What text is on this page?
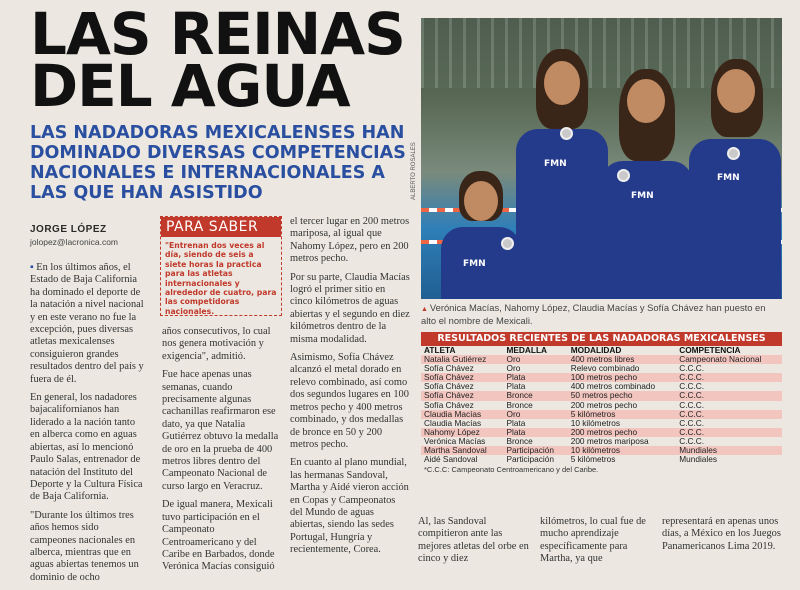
LAS REINAS
DEL AGUA
LAS NADADORAS MEXICALENSES HAN DOMINADO DIVERSAS COMPETENCIAS NACIONALES E INTERNACIONALES A LAS QUE HAN ASISTIDO
JORGE LÓPEZ
jolopez@lacronica.com

▪ En los últimos años, el Estado de Baja California ha dominado el deporte de la natación a nivel nacional y en este verano no fue la excepción, pues diversas atletas mexicalenses consiguieron grandes resultados dentro del país y fuera de él.

En general, los nadadores bajacalifornianos han liderado a la nación tanto en alberca como en aguas abiertas, así lo mencionó Paulo Salas, entrenador de natación del Instituto del Deporte y la Cultura Física de Baja California.

"Durante los últimos tres años hemos sido campeones nacionales en alberca, mientras que en aguas abiertas tenemos un dominio de ocho

PARA SABER
"Entrenan dos veces al día, siendo de seis a siete horas la practica para las atletas internacionales y alrededor de cuatro, para las competidoras nacionales.

años consecutivos, lo cual nos genera motivación y exigencia", admitió.

Fue hace apenas unas semanas, cuando precisamente algunas cachanillas reafirmaron ese dato, ya que Natalia Gutiérrez obtuvo la medalla de oro en la prueba de 400 metros libres dentro del Campeonato Nacional de curso largo en Veracruz.

De igual manera, Mexicali tuvo participación en el Campeonato Centroamericano y del Caribe en Barbados, donde Verónica Macías consiguió

el tercer lugar en 200 metros mariposa, al igual que Nahomy López, pero en 200 metros pecho.

Por su parte, Claudia Macías logró el primer sitio en cinco kilómetros de aguas abiertas y el segundo en diez kilómetros dentro de la misma modalidad.

Asimismo, Sofía Chávez alcanzó el metal dorado en relevo combinado, así como dos segundos lugares en 100 metros pecho y 400 metros combinado, y dos medallas de bronce en 50 y 200 metros pecho.

En cuanto al plano mundial, las hermanas Sandoval, Martha y Aidé vieron acción en Copas y Campeonatos del Mundo de aguas abiertas, siendo las sedes Portugal, Hungría y recientemente, Corea.

FMN
FMN
FMN
FMN
ALBERTO ROSALES
▲ Verónica Macías, Nahomy López, Claudia Macías y Sofía Chávez han puesto en alto el nombre de Mexicali.
RESULTADOS RECIENTES DE LAS NADADORAS MEXICALENSES
ATLETA	MEDALLA	MODALIDAD	COMPETENCIA
Natalia Gutiérrez	Oro	400 metros libres	Campeonato Nacional
Sofía Chávez	Oro	Relevo combinado	C.C.C.
Sofía Chávez	Plata	100 metros pecho	C.C.C.
Sofía Chávez	Plata	400 metros combinado	C.C.C.
Sofía Chávez	Bronce	50 metros pecho	C.C.C.
Sofía Chávez	Bronce	200 metros pecho	C.C.C.
Claudia Macías	Oro	5 kilómetros	C.C.C.
Claudia Macías	Plata	10 kilómetros	C.C.C.
Nahomy López	Plata	200 metros pecho	C.C.C.
Verónica Macías	Bronce	200 metros mariposa	C.C.C.
Martha Sandoval	Participación	10 kilómetros	Mundiales
Aidé Sandoval	Participación	5 kilómetros	Mundiales
*C.C.C: Campeonato Centroamericano y del Caribe.
Al, las Sandoval compitieron ante las mejores atletas del orbe en cinco y diez
kilómetros, lo cual fue de mucho aprendizaje específicamente para Martha, ya que
representará en apenas unos días, a México en los Juegos Panamericanos Lima 2019.
